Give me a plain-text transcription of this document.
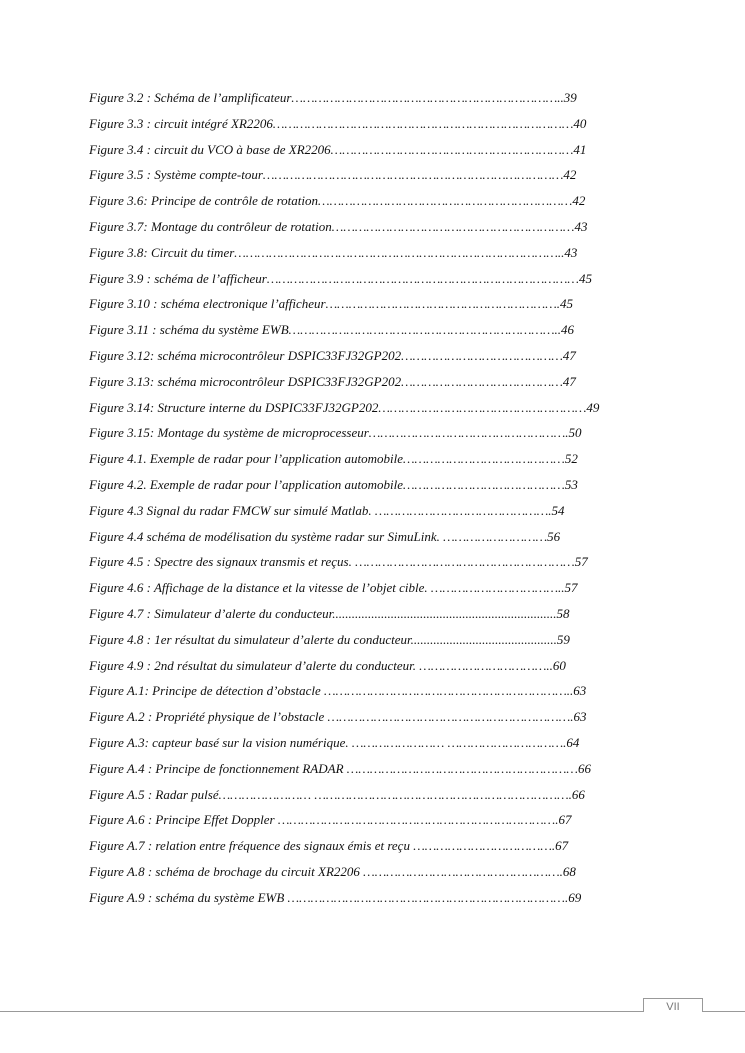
Figure 3.2 : Schéma de l’amplificateur……………………………………………………………..39
Figure 3.3 : circuit intégré XR2206……………………………………………………………………40
Figure 3.4 : circuit du VCO à base de XR2206………………………………………………………41
Figure 3.5 : Système compte-tour……………………………………………………………………42
Figure 3.6: Principe de contrôle de rotation…………………………………………………………42
Figure 3.7: Montage du contrôleur de rotation………………………………………………………43
Figure 3.8: Circuit du timer…………………………………………………………………………..43
Figure 3.9 : schéma de l’afficheur………………………………………………………………………45
Figure 3.10 : schéma electronique l’afficheur…………………………………………………….45
Figure 3.11 : schéma du système EWB……………………………………………………………..46
Figure 3.12: schéma microcontrôleur DSPIC33FJ32GP202……………………………………47
Figure 3.13: schéma microcontrôleur DSPIC33FJ32GP202……………………………………47
Figure 3.14: Structure interne du DSPIC33FJ32GP202………………………………………………49
Figure 3.15: Montage du système de microprocesseur…………………………………………….50
Figure 4.1. Exemple de radar pour l’application automobile……………………………………52
Figure 4.2. Exemple de radar pour l’application automobile……………………………………53
Figure 4.3 Signal du radar FMCW sur simulé Matlab. ……………………………………….54
Figure 4.4 schéma de modélisation du système radar sur SimuLink. ………………………56
Figure 4.5 : Spectre des signaux transmis et reçus. …………………………………………………57
Figure 4.6 : Affichage de la distance et la vitesse de l’objet cible. ……………………………..57
Figure 4.7 : Simulateur d’alerte du conducteur.....................................................................58
Figure 4.8 : 1er résultat du simulateur d’alerte du conducteur.............................................59
Figure 4.9 : 2nd résultat du simulateur d’alerte du conducteur. ……………………………..60
Figure A.1: Principe de détection d’obstacle ………………………………………………………..63
Figure A.2 : Propriété physique de l’obstacle ……………………………………………………….63
Figure A.3: capteur basé sur la vision numérique. …………………… ………………………….64
Figure A.4 : Principe de fonctionnement RADAR ……………………………………………………66
Figure A.5 : Radar pulsé…………………… ………………………………………………………….66
Figure A.6 : Principe Effet Doppler ……………………………………………………………….67
Figure A.7 : relation entre fréquence des signaux émis et reçu ……………………………….67
Figure A.8 : schéma de brochage du circuit XR2206 …………………………………………….68
Figure A.9 : schéma du système EWB ……………………………………………………………….69
VII
